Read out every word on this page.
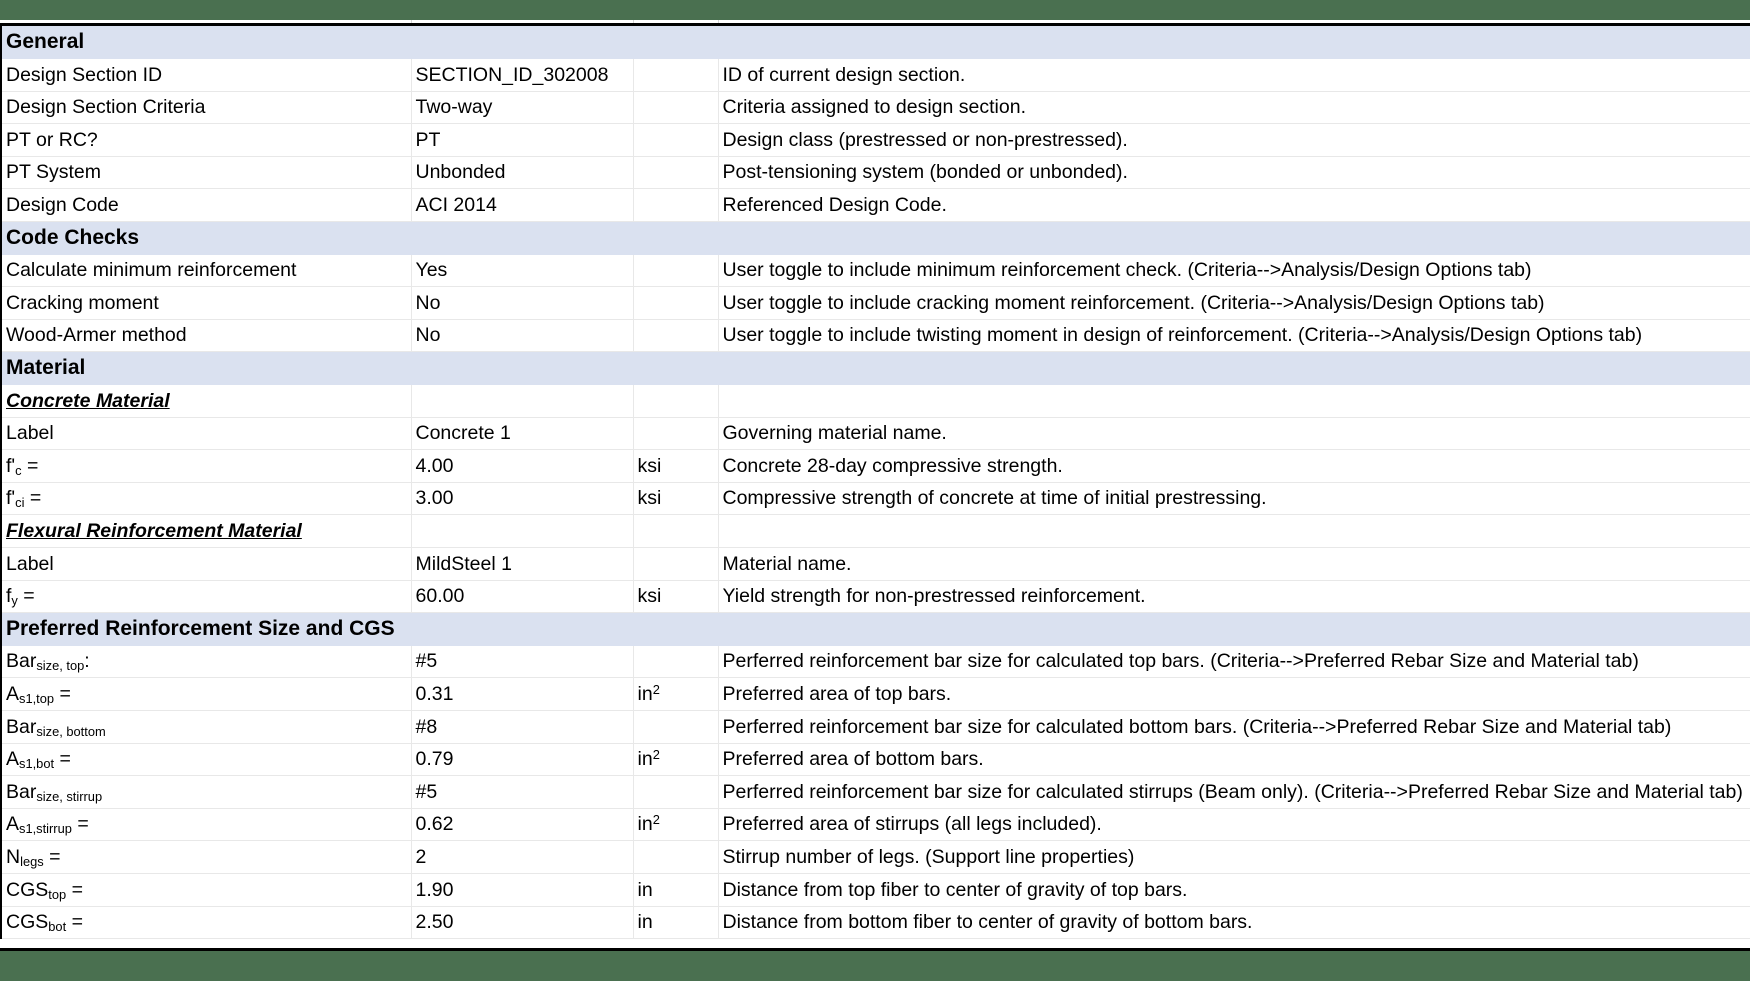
General			
Design Section ID	SECTION_ID_302008		ID of current design section.
Design Section Criteria	Two-way		Criteria assigned to design section.
PT or RC?	PT		Design class (prestressed or non-prestressed).
PT System	Unbonded		Post-tensioning system (bonded or unbonded).
Design Code	ACI 2014		Referenced Design Code.
Code Checks			
Calculate minimum reinforcement	Yes		User toggle to include minimum reinforcement check. (Criteria-->Analysis/Design Options tab)
Cracking moment	No		User toggle to include cracking moment reinforcement. (Criteria-->Analysis/Design Options tab)
Wood-Armer method	No		User toggle to include twisting moment in design of reinforcement. (Criteria-->Analysis/Design Options tab)
Material			
Concrete Material			
Label	Concrete 1		Governing material name.
$f'_c$ =	4.00	ksi	Concrete 28-day compressive strength.
$f'_{ci}$ =	3.00	ksi	Compressive strength of concrete at time of initial prestressing.
Flexural Reinforcement Material			
Label	MildSteel 1		Material name.
$f_y$ =	60.00	ksi	Yield strength for non-prestressed reinforcement.
Preferred Reinforcement Size and CGS			
Bar$_{size, top}$:	#5		Perferred reinforcement bar size for calculated top bars. (Criteria-->Preferred Rebar Size and Material tab)
$A_{s1,top}$ =	0.31	$in^2$	Preferred area of top bars.
Bar$_{size, bottom}$	#8		Perferred reinforcement bar size for calculated bottom bars. (Criteria-->Preferred Rebar Size and Material tab)
$A_{s1,bot}$ =	0.79	$in^2$	Preferred area of bottom bars.
Bar$_{size, stirrup}$	#5		Perferred reinforcement bar size for calculated stirrups (Beam only). (Criteria-->Preferred Rebar Size and Material tab)
$A_{s1,stirrup}$ =	0.62	$in^2$	Preferred area of stirrups (all legs included).
$N_{legs}$ =	2		Stirrup number of legs. (Support line properties)
$CGS_{top}$ =	1.90	in	Distance from top fiber to center of gravity of top bars.
$CGS_{bot}$ =	2.50	in	Distance from bottom fiber to center of gravity of bottom bars.
